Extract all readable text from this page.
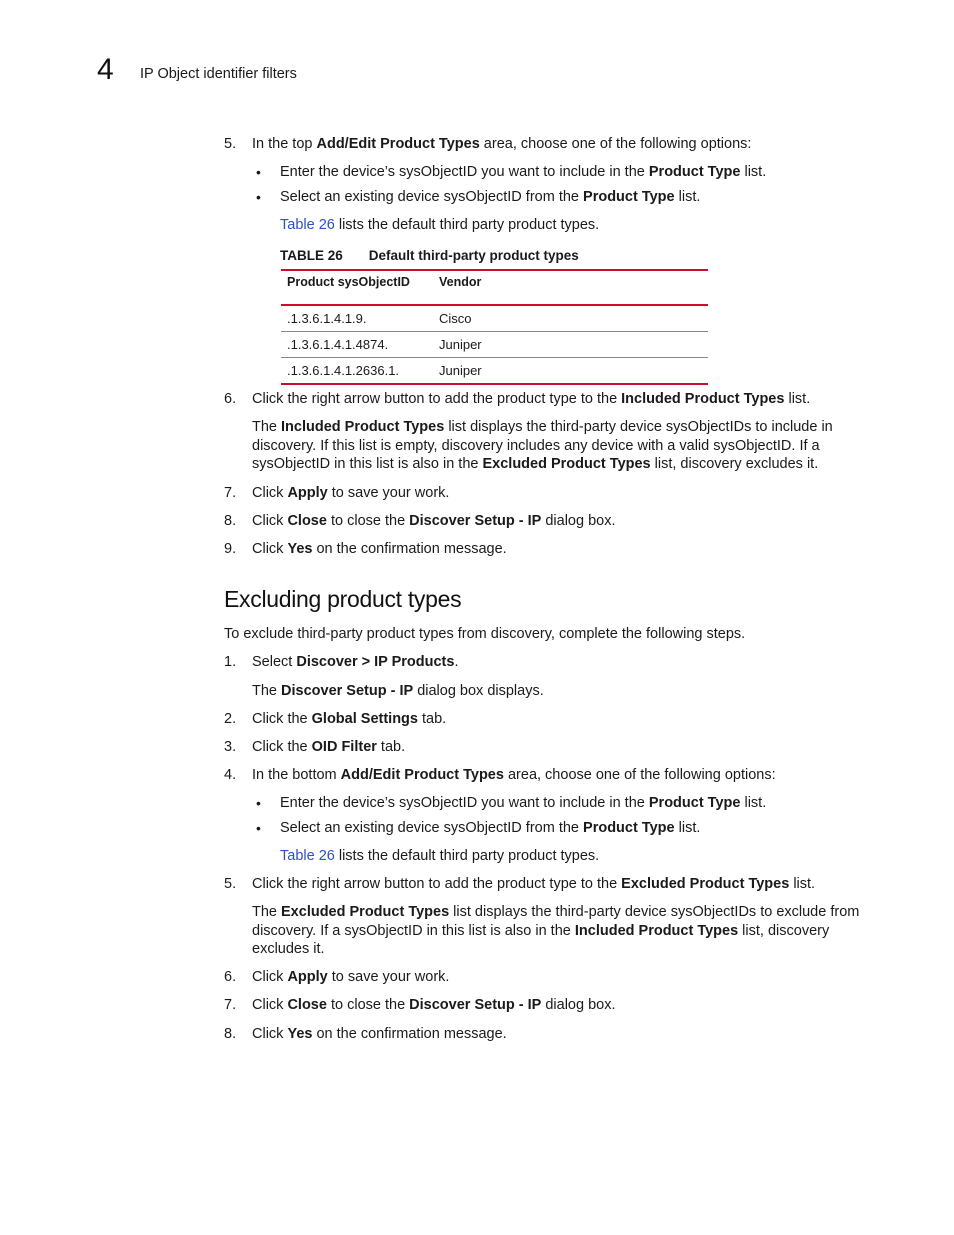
4 IP Object identifier filters
5. In the top Add/Edit Product Types area, choose one of the following options:
• Enter the device’s sysObjectID you want to include in the Product Type list.
• Select an existing device sysObjectID from the Product Type list.
Table 26 lists the default third party product types.
TABLE 26 Default third-party product types
Product sysObjectID	Vendor
.1.3.6.1.4.1.9.	Cisco
.1.3.6.1.4.1.4874.	Juniper
.1.3.6.1.4.1.2636.1.	Juniper
6. Click the right arrow button to add the product type to the Included Product Types list.
The Included Product Types list displays the third-party device sysObjectIDs to include in
discovery. If this list is empty, discovery includes any device with a valid sysObjectID. If a
sysObjectID in this list is also in the Excluded Product Types list, discovery excludes it.
7. Click Apply to save your work.
8. Click Close to close the Discover Setup - IP dialog box.
9. Click Yes on the confirmation message.
Excluding product types
To exclude third-party product types from discovery, complete the following steps.
1. Select Discover > IP Products.
The Discover Setup - IP dialog box displays.
2. Click the Global Settings tab.
3. Click the OID Filter tab.
4. In the bottom Add/Edit Product Types area, choose one of the following options:
• Enter the device’s sysObjectID you want to include in the Product Type list.
• Select an existing device sysObjectID from the Product Type list.
Table 26 lists the default third party product types.
5. Click the right arrow button to add the product type to the Excluded Product Types list.
The Excluded Product Types list displays the third-party device sysObjectIDs to exclude from
discovery. If a sysObjectID in this list is also in the Included Product Types list, discovery
excludes it.
6. Click Apply to save your work.
7. Click Close to close the Discover Setup - IP dialog box.
8. Click Yes on the confirmation message.
